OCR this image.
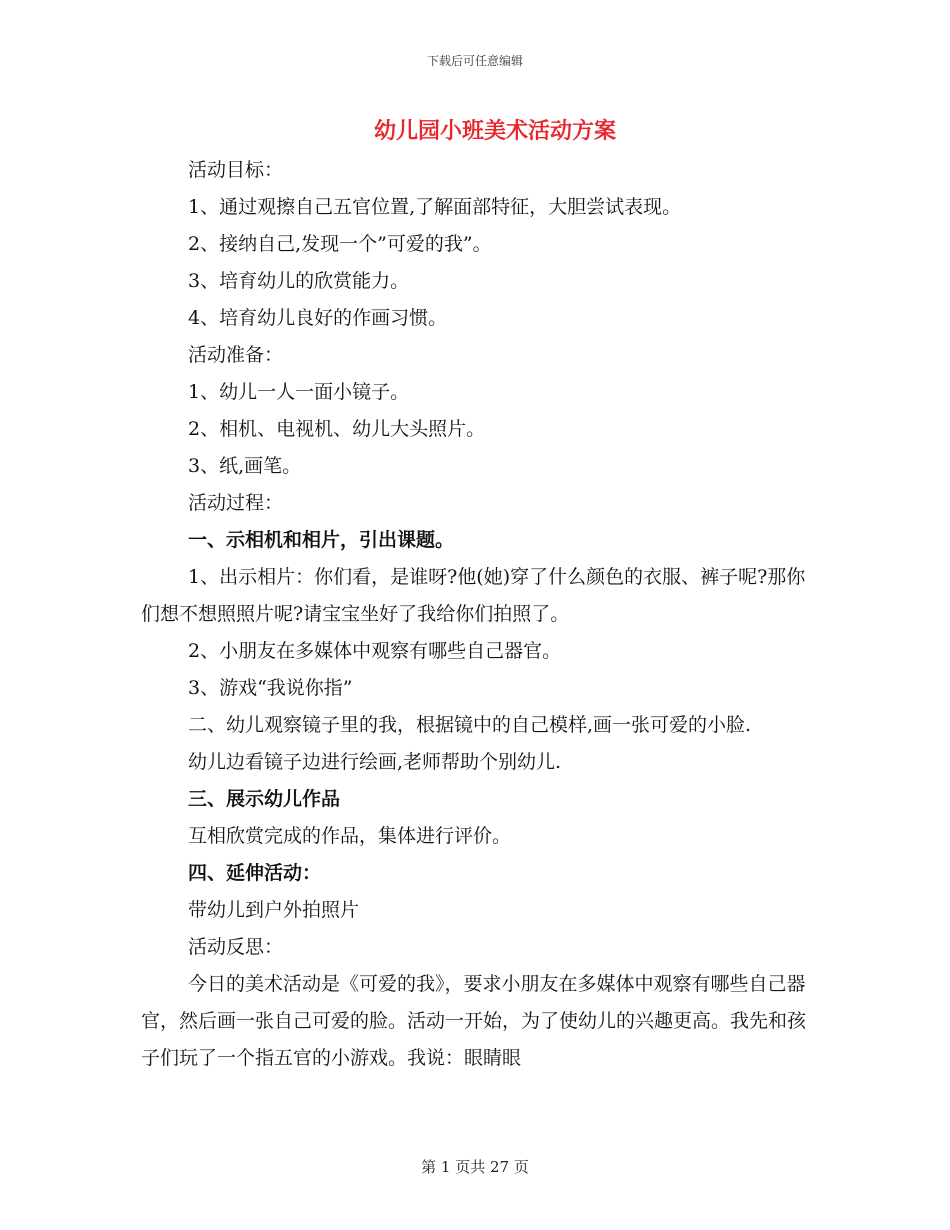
下载后可任意编辑
幼儿园小班美术活动方案

活动目标：

1、通过观擦自己五官位置,了解面部特征，大胆尝试表现。

2、接纳自己,发现一个”可爱的我”。

3、培育幼儿的欣赏能力。

4、培育幼儿良好的作画习惯。

活动准备：

1、幼儿一人一面小镜子。

2、相机、电视机、幼儿大头照片。

3、纸,画笔。

活动过程：

一、示相机和相片，引出课题。

1、出示相片：你们看，是谁呀?他(她)穿了什么颜色的衣服、裤子呢?那你们想不想照照片呢?请宝宝坐好了我给你们拍照了。

2、小朋友在多媒体中观察有哪些自己器官。

3、游戏“我说你指”

二、幼儿观察镜子里的我，根据镜中的自己模样,画一张可爱的小脸.

幼儿边看镜子边进行绘画,老师帮助个别幼儿.

三、展示幼儿作品

互相欣赏完成的作品，集体进行评价。

四、延伸活动：

带幼儿到户外拍照片

活动反思：

今日的美术活动是《可爱的我》，要求小朋友在多媒体中观察有哪些自己器官，然后画一张自己可爱的脸。活动一开始，为了使幼儿的兴趣更高。我先和孩子们玩了一个指五官的小游戏。我说：眼睛眼

第 1 页共 27 页
